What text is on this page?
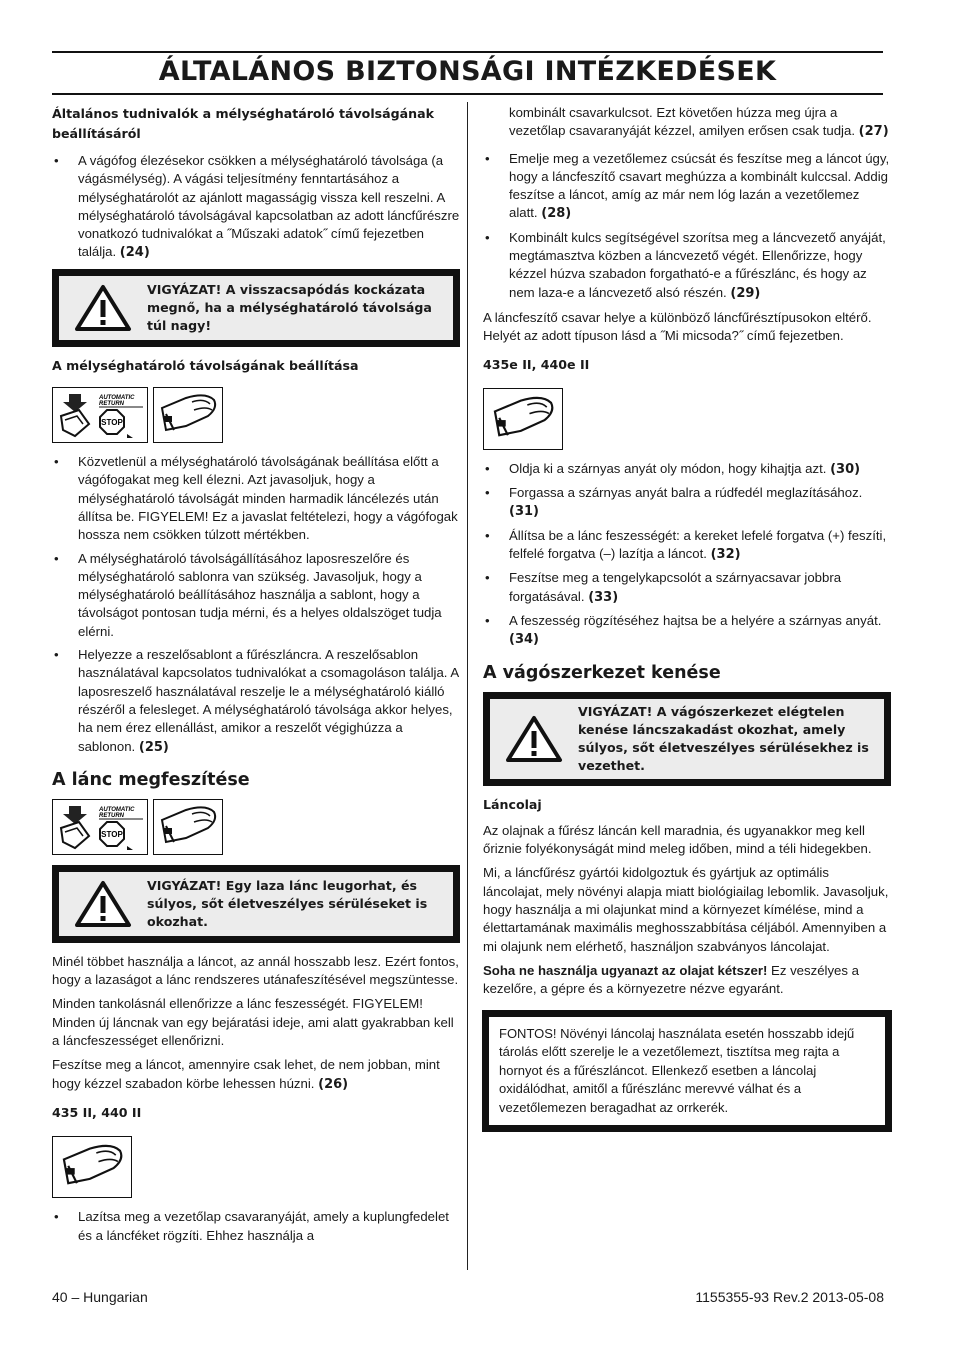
ÁLTALÁNOS BIZTONSÁGI INTÉZKEDÉSEK
Általános tudnivalók a mélységhatároló távolságának beállításáról
• A vágófog élezésekor csökken a mélységhatároló távolsága (a vágásmélység). A vágási teljesítmény fenntartásához a mélységhatárolót az ajánlott magasságig vissza kell reszelni. A mélységhatároló távolságával kapcsolatban az adott láncfűrészre vonatkozó tudnivalókat a ˝Műszaki adatok˝ című fejezetben találja. (24)
VIGYÁZAT! A visszacsapódás kockázata megnő, ha a mélységhatároló távolsága túl nagy!
A mélységhatároló távolságának beállítása
AUTOMATIC
RETURN
STOP
• Közvetlenül a mélységhatároló távolságának beállítása előtt a vágófogakat meg kell élezni. Azt javasoljuk, hogy a mélységhatároló távolságát minden harmadik láncélezés után állítsa be. FIGYELEM! Ez a javaslat feltételezi, hogy a vágófogak hossza nem csökken túlzott mértékben.
• A mélységhatároló távolságállításához laposreszelőre és mélységhatároló sablonra van szükség. Javasoljuk, hogy a mélységhatároló beállításához használja a sablont, hogy a távolságot pontosan tudja mérni, és a helyes oldalszöget tudja elérni.
• Helyezze a reszelősablont a fűrészláncra. A reszelősablon használatával kapcsolatos tudnivalókat a csomagoláson találja. A laposreszelő használatával reszelje le a mélységhatároló kiálló részéről a felesleget. A mélységhatároló távolsága akkor helyes, ha nem érez ellenállást, amikor a reszelőt végighúzza a sablonon. (25)
A lánc megfeszítése
AUTOMATIC
RETURN
STOP
VIGYÁZAT! Egy laza lánc leugorhat, és súlyos, sőt életveszélyes sérüléseket is okozhat.

Minél többet használja a láncot, az annál hosszabb lesz. Ezért fontos, hogy a lazaságot a lánc rendszeres utánafeszítésével megszüntesse.

Minden tankolásnál ellenőrizze a lánc feszességét. FIGYELEM! Minden új láncnak van egy bejáratási ideje, ami alatt gyakrabban kell a láncfeszességet ellenőrizni.

Feszítse meg a láncot, amennyire csak lehet, de nem jobban, mint hogy kézzel szabadon körbe lehessen húzni. (26)

435 II, 440 II
• Lazítsa meg a vezetőlap csavaranyáját, amely a kuplungfedelet és a láncféket rögzíti. Ehhez használja a

kombinált csavarkulcsot. Ezt követően húzza meg újra a vezetőlap csavaranyáját kézzel, amilyen erősen csak tudja. (27)

• Emelje meg a vezetőlemez csúcsát és feszítse meg a láncot úgy, hogy a láncfeszítő csavart meghúzza a kombinált kulccsal. Addig feszítse a láncot, amíg az már nem lóg lazán a vezetőlemez alatt. (28)
• Kombinált kulcs segítségével szorítsa meg a láncvezető anyáját, megtámasztva közben a láncvezető végét. Ellenőrizze, hogy kézzel húzva szabadon forgatható-e a fűrészlánc, és hogy az nem laza-e a láncvezető alsó részén. (29)

A láncfeszítő csavar helye a különböző láncfűrésztípusokon eltérő. Helyét az adott típuson lásd a ˝Mi micsoda?˝ című fejezetben.

435e II, 440e II
• Oldja ki a szárnyas anyát oly módon, hogy kihajtja azt. (30)
• Forgassa a szárnyas anyát balra a rúdfedél meglazításához. (31)
• Állítsa be a lánc feszességét: a kereket lefelé forgatva (+) feszíti, felfelé forgatva (–) lazítja a láncot. (32)
• Feszítse meg a tengelykapcsolót a szárnyacsavar jobbra forgatásával. (33)
• A feszesség rögzítéséhez hajtsa be a helyére a szárnyas anyát. (34)
A vágószerkezet kenése
VIGYÁZAT! A vágószerkezet elégtelen kenése láncszakadást okozhat, amely súlyos, sőt életveszélyes sérülésekhez is vezethet.
Láncolaj

Az olajnak a fűrész láncán kell maradnia, és ugyanakkor meg kell őriznie folyékonyságát mind meleg időben, mind a téli hidegekben.

Mi, a láncfűrész gyártói kidolgoztuk és gyártjuk az optimális láncolajat, mely növényi alapja miatt biológiailag lebomlik. Javasoljuk, hogy használja a mi olajunkat mind a környezet kímélése, mind a élettartamának maximális meghosszabbítása céljából. Amennyiben a mi olajunk nem elérhető, használjon szabványos láncolajat.

Soha ne használja ugyanazt az olajat kétszer! Ez veszélyes a kezelőre, a gépre és a környezetre nézve egyaránt.

FONTOS! Növényi láncolaj használata esetén hosszabb idejű tárolás előtt szerelje le a vezetőlemezt, tisztítsa meg rajta a hornyot és a fűrészláncot. Ellenkező esetben a láncolaj oxidálódhat, amitől a fűrészlánc merevvé válhat és a vezetőlemezen beragadhat az orrkerék.
40 – Hungarian	1155355-93 Rev.2 2013-05-08
